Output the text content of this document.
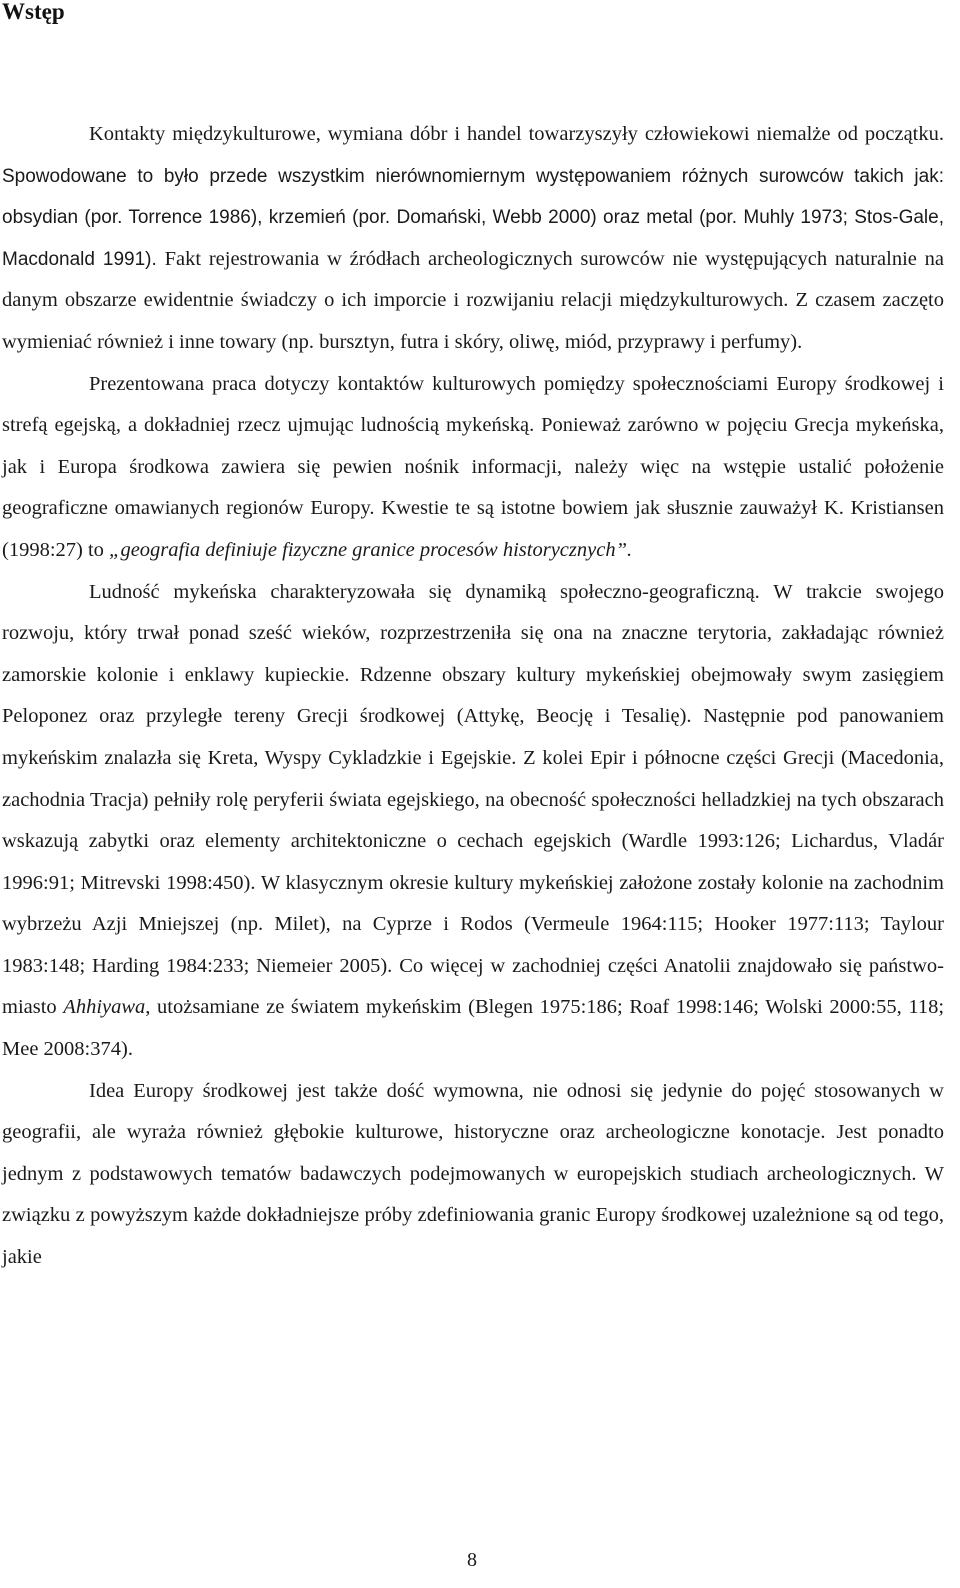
Wstęp

Kontakty międzykulturowe, wymiana dóbr i handel towarzyszyły człowiekowi niemalże od początku. Spowodowane to było przede wszystkim nierównomiernym występowaniem różnych surowców takich jak: obsydian (por. Torrence 1986), krzemień (por. Domański, Webb 2000) oraz metal (por. Muhly 1973; Stos-Gale, Macdonald 1991). Fakt rejestrowania w źródłach archeologicznych surowców nie występujących naturalnie na danym obszarze ewidentnie świadczy o ich imporcie i rozwijaniu relacji międzykulturowych. Z czasem zaczęto wymieniać również i inne towary (np. bursztyn, futra i skóry, oliwę, miód, przyprawy i perfumy).

Prezentowana praca dotyczy kontaktów kulturowych pomiędzy społecznościami Europy środkowej i strefą egejską, a dokładniej rzecz ujmując ludnością mykeńską. Ponieważ zarówno w pojęciu Grecja mykeńska, jak i Europa środkowa zawiera się pewien nośnik informacji, należy więc na wstępie ustalić położenie geograficzne omawianych regionów Europy. Kwestie te są istotne bowiem jak słusznie zauważył K. Kristiansen (1998:27) to „geografia definiuje fizyczne granice procesów historycznych”.

Ludność mykeńska charakteryzowała się dynamiką społeczno-geograficzną. W trakcie swojego rozwoju, który trwał ponad sześć wieków, rozprzestrzeniła się ona na znaczne terytoria, zakładając również zamorskie kolonie i enklawy kupieckie. Rdzenne obszary kultury mykeńskiej obejmowały swym zasięgiem Peloponez oraz przyległe tereny Grecji środkowej (Attykę, Beocję i Tesalię). Następnie pod panowaniem mykeńskim znalazła się Kreta, Wyspy Cykladzkie i Egejskie. Z kolei Epir i północne części Grecji (Macedonia, zachodnia Tracja) pełniły rolę peryferii świata egejskiego, na obecność społeczności helladzkiej na tych obszarach wskazują zabytki oraz elementy architektoniczne o cechach egejskich (Wardle 1993:126; Lichardus, Vladár 1996:91; Mitrevski 1998:450). W klasycznym okresie kultury mykeńskiej założone zostały kolonie na zachodnim wybrzeżu Azji Mniejszej (np. Milet), na Cyprze i Rodos (Vermeule 1964:115; Hooker 1977:113; Taylour 1983:148; Harding 1984:233; Niemeier 2005). Co więcej w zachodniej części Anatolii znajdowało się państwo-miasto Ahhiyawa, utożsamiane ze światem mykeńskim (Blegen 1975:186; Roaf 1998:146; Wolski 2000:55, 118; Mee 2008:374).

Idea Europy środkowej jest także dość wymowna, nie odnosi się jedynie do pojęć stosowanych w geografii, ale wyraża również głębokie kulturowe, historyczne oraz archeologiczne konotacje. Jest ponadto jednym z podstawowych tematów badawczych podejmowanych w europejskich studiach archeologicznych. W związku z powyższym każde dokładniejsze próby zdefiniowania granic Europy środkowej uzależnione są od tego, jakie

8
